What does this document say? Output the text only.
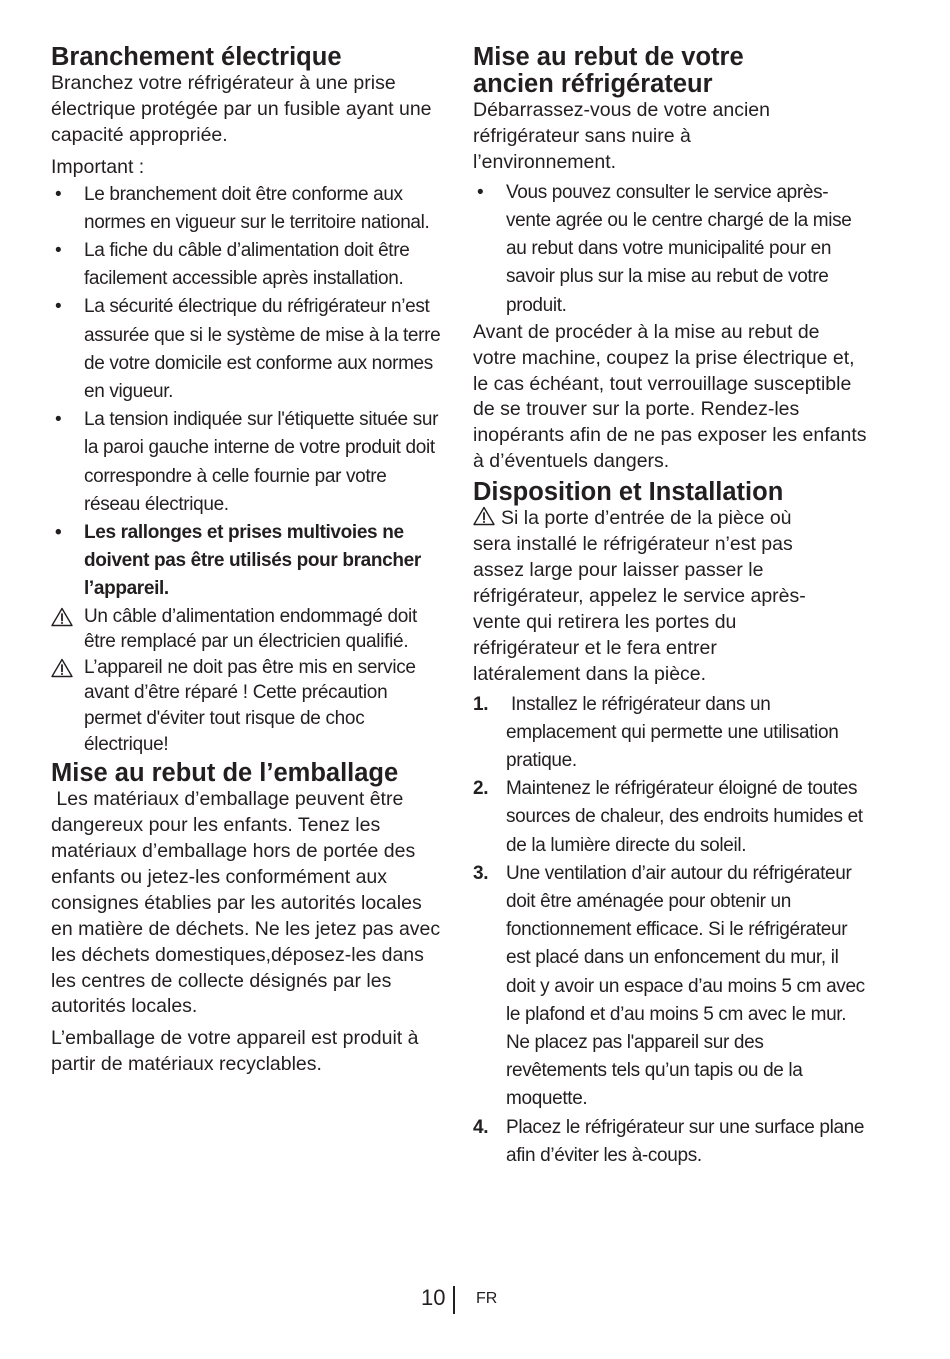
Branchement électrique

Branchez votre réfrigérateur à une prise électrique protégée par un fusible ayant une capacité appropriée.

Important :

• Le branchement doit être conforme aux normes en vigueur sur le territoire national.
• La fiche du câble d’alimentation doit être facilement accessible après installation.
• La sécurité électrique du réfrigérateur n’est assurée que si le système de mise à la terre de votre domicile est conforme aux normes en vigueur.
• La tension indiquée sur l'étiquette située sur la paroi gauche interne de votre produit doit correspondre à celle fournie par votre réseau électrique.
• Les rallonges et prises multivoies ne doivent pas être utilisés pour brancher l’appareil.
Un câble d’alimentation endommagé doit être remplacé par un électricien qualifié.
L’appareil ne doit pas être mis en service avant d’être réparé ! Cette précaution permet d'éviter tout risque de choc électrique!
Mise au rebut de l’emballage

Les matériaux d’emballage peuvent être dangereux pour les enfants. Tenez les matériaux d’emballage hors de portée des enfants ou jetez-les conformément aux consignes établies par les autorités locales en matière de déchets. Ne les jetez pas avec les déchets domestiques,déposez-les dans les centres de collecte désignés par les autorités locales.

L’emballage de votre appareil est produit à partir de matériaux recyclables.

Mise au rebut de votre ancien réfrigérateur

Débarrassez-vous de votre ancien réfrigérateur sans nuire à l’environnement.

• Vous pouvez consulter le service après-vente agrée ou le centre chargé de la mise au rebut dans votre municipalité pour en savoir plus sur la mise au rebut de votre produit.

Avant de procéder à la mise au rebut de votre machine, coupez la prise électrique et, le cas échéant, tout verrouillage susceptible de se trouver sur la porte. Rendez-les inopérants afin de ne pas exposer les enfants à d’éventuels dangers.

Disposition et Installation

Si la porte d’entrée de la pièce où sera installé le réfrigérateur n’est pas assez large pour laisser passer le réfrigérateur, appelez le service après-vente qui retirera les portes du réfrigérateur et le fera entrer latéralement dans la pièce.

1. Installez le réfrigérateur dans un emplacement qui permette une utilisation pratique.
2. Maintenez le réfrigérateur éloigné de toutes sources de chaleur, des endroits humides et de la lumière directe du soleil.
3. Une ventilation d’air autour du réfrigérateur doit être aménagée pour obtenir un fonctionnement efficace. Si le réfrigérateur est placé dans un enfoncement du mur, il doit y avoir un espace d’au moins 5 cm avec le plafond et d’au moins 5 cm avec le mur. Ne placez pas l'appareil sur des revêtements tels qu’un tapis ou de la moquette.
4. Placez le réfrigérateur sur une surface plane afin d’éviter les à-coups.
10 FR
